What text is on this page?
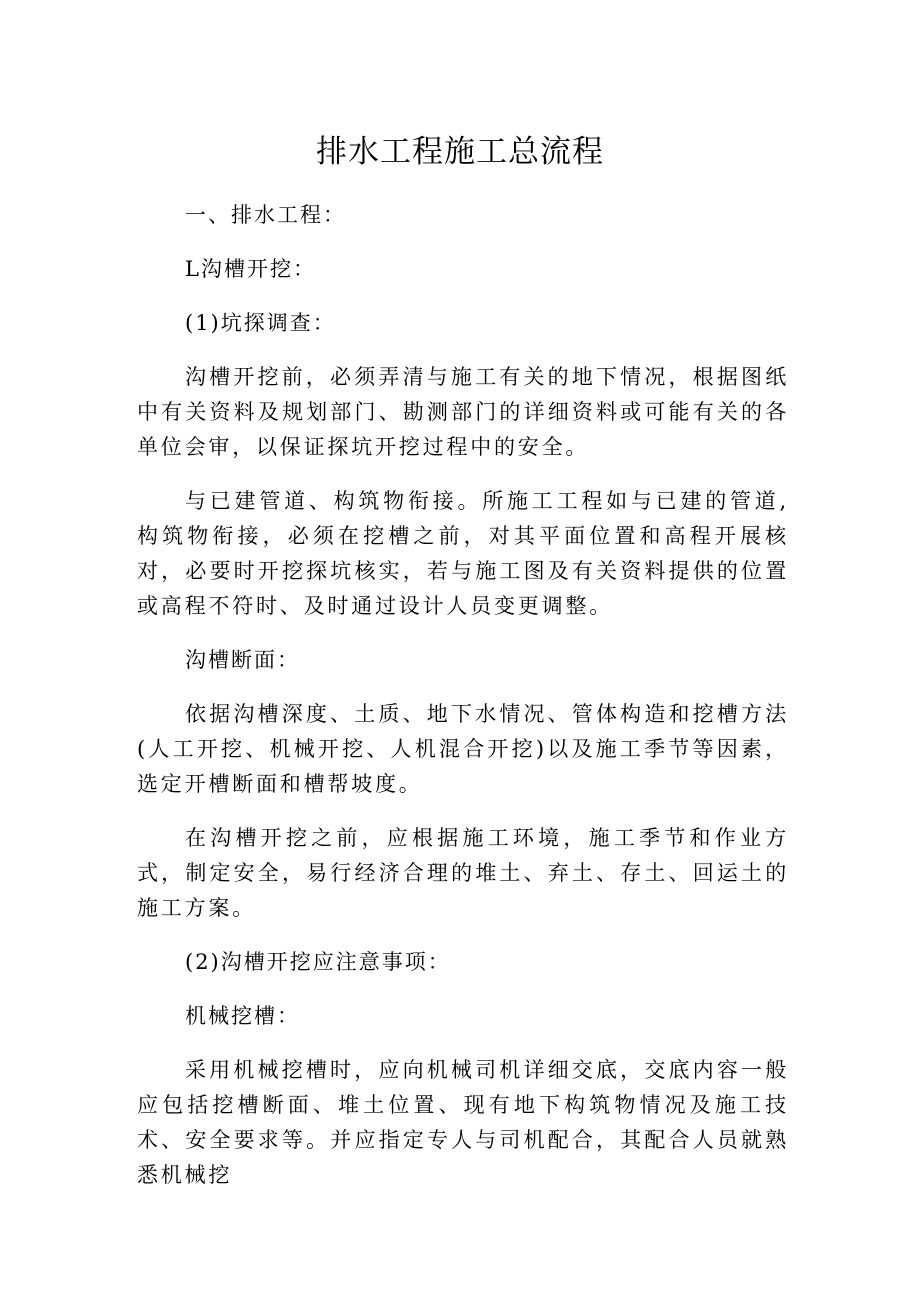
排水工程施工总流程

一、排水工程：

L沟槽开挖：

(1)坑探调查：

沟槽开挖前，必须弄清与施工有关的地下情况，根据图纸中有关资料及规划部门、勘测部门的详细资料或可能有关的各单位会审，以保证探坑开挖过程中的安全。

与已建管道、构筑物衔接。所施工工程如与已建的管道,构筑物衔接，必须在挖槽之前，对其平面位置和高程开展核对，必要时开挖探坑核实，若与施工图及有关资料提供的位置或高程不符时、及时通过设计人员变更调整。

沟槽断面：

依据沟槽深度、土质、地下水情况、管体构造和挖槽方法(人工开挖、机械开挖、人机混合开挖)以及施工季节等因素，选定开槽断面和槽帮坡度。

在沟槽开挖之前，应根据施工环境，施工季节和作业方式，制定安全，易行经济合理的堆土、弃土、存土、回运土的施工方案。

(2)沟槽开挖应注意事项：

机械挖槽：

采用机械挖槽时，应向机械司机详细交底，交底内容一般应包括挖槽断面、堆土位置、现有地下构筑物情况及施工技术、安全要求等。并应指定专人与司机配合，其配合人员就熟悉机械挖
